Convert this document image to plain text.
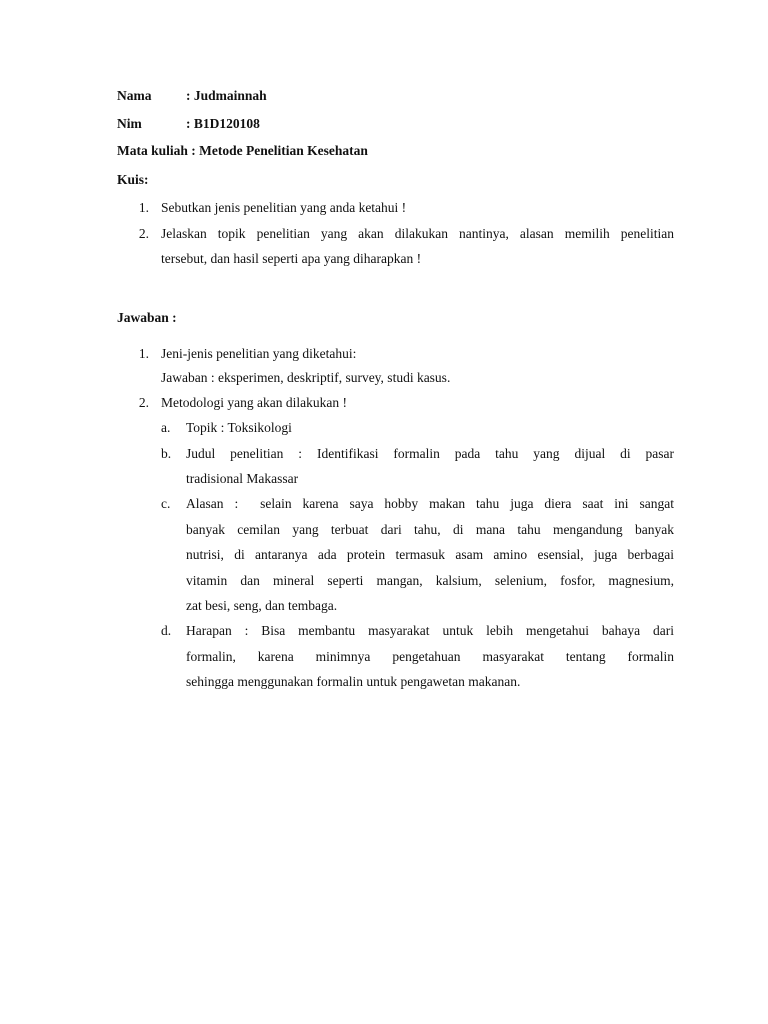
Nama	: Judmainnah
Nim	: B1D120108
Mata kuliah : Metode Penelitian Kesehatan
Kuis:
1. Sebutkan jenis penelitian yang anda ketahui !
2. Jelaskan topik penelitian yang akan dilakukan nantinya, alasan memilih penelitian
tersebut, dan hasil seperti apa yang diharapkan !
Jawaban :
1. Jeni-jenis penelitian yang diketahui:
Jawaban : eksperimen, deskriptif, survey, studi kasus.
2. Metodologi yang akan dilakukan !
a. Topik : Toksikologi
b. Judul penelitian : Identifikasi formalin pada tahu yang dijual di pasar
tradisional Makassar
c. Alasan :  selain karena saya hobby makan tahu juga diera saat ini sangat
banyak cemilan yang terbuat dari tahu, di mana tahu mengandung banyak
nutrisi, di antaranya ada protein termasuk asam amino esensial, juga berbagai
vitamin dan mineral seperti mangan, kalsium, selenium, fosfor, magnesium,
zat besi, seng, dan tembaga.
d. Harapan : Bisa membantu masyarakat untuk lebih mengetahui bahaya dari
formalin, karena minimnya pengetahuan masyarakat tentang formalin
sehingga menggunakan formalin untuk pengawetan makanan.
